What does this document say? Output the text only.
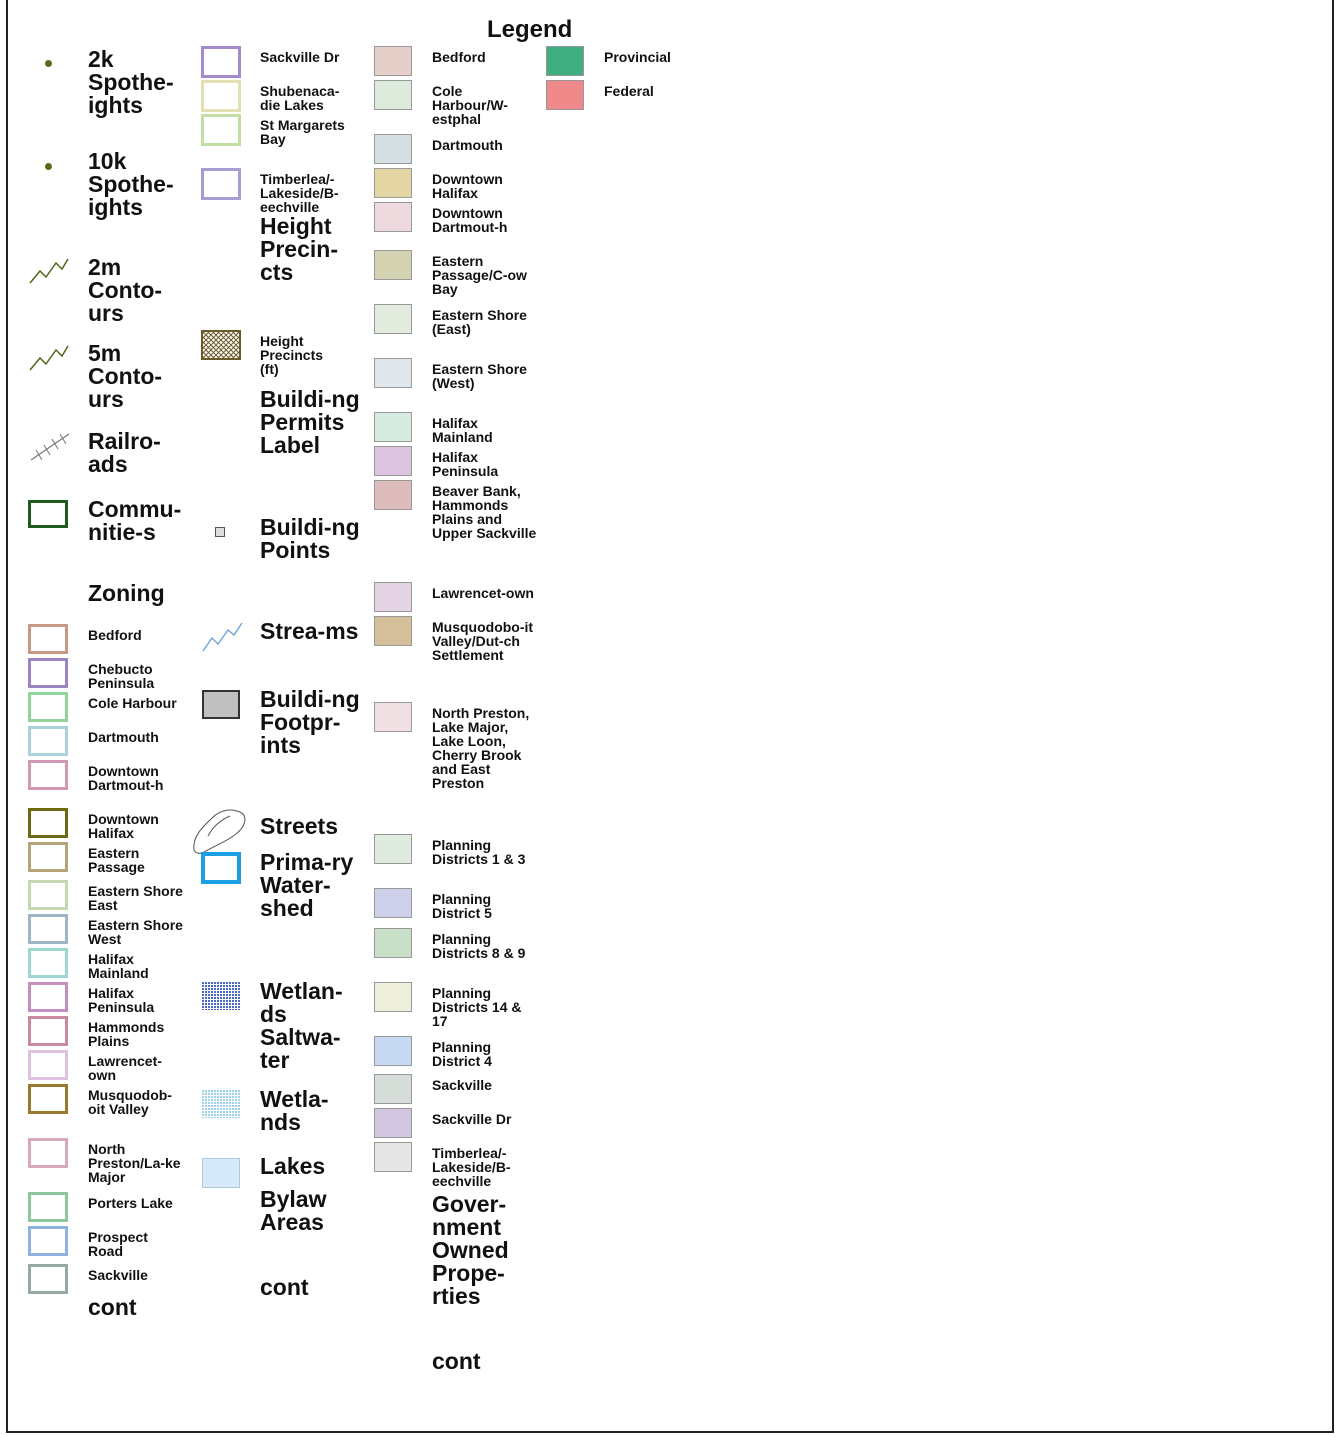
Legend
2k Spothe-ights
10k Spothe-ights
2m Conto-urs
5m Conto-urs
Railro-ads
Commu-nitie-s
Zoning
Bedford
Chebucto Peninsula
Cole Harbour
Dartmouth
Downtown Dartmout-h
Downtown Halifax
Eastern Passage
Eastern Shore East
Eastern Shore West
Halifax Mainland
Halifax Peninsula
Hammonds Plains
Lawrencet-own
Musquodob-oit Valley
North Preston/La-ke Major
Porters Lake
Prospect Road
Sackville
cont
Sackville Dr
Shubenaca-die Lakes
St Margarets Bay
Timberlea/-Lakeside/B-eechville
Height Precin-cts
Height Precincts (ft)
Buildi-ng Permits Label
Buildi-ng Points
Strea-ms
Buildi-ng Footpr-ints
Streets
Prima-ry Water-shed
Wetlan-ds Saltwa-ter
Wetla-nds
Lakes
Bylaw Areas
cont
Bedford
Cole Harbour/W-estphal
Dartmouth
Downtown Halifax
Downtown Dartmout-h
Eastern Passage/C-ow Bay
Eastern Shore (East)
Eastern Shore (West)
Halifax Mainland
Halifax Peninsula
Beaver Bank, Hammonds Plains and Upper Sackville
Lawrencet-own
Musquodobo-it Valley/Dut-ch Settlement
North Preston, Lake Major, Lake Loon, Cherry Brook and East Preston
Planning Districts 1 & 3
Planning District 5
Planning Districts 8 & 9
Planning Districts 14 & 17
Planning District 4
Sackville
Sackville Dr
Timberlea/-Lakeside/B-eechville
Gover-nment Owned Prope-rties
cont
Provincial
Federal
